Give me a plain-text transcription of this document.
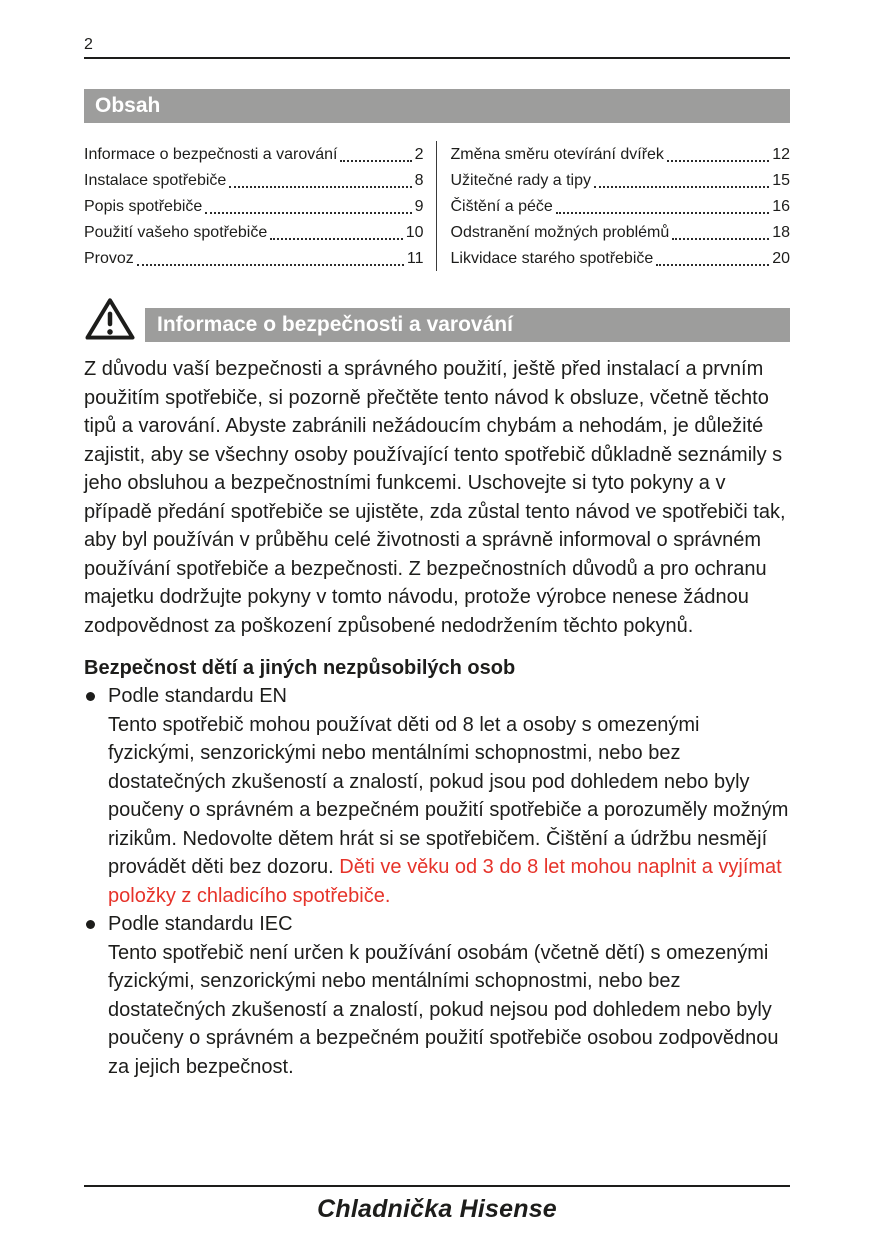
2
Obsah
Informace o bezpečnosti a varování	2
Instalace spotřebiče	8
Popis spotřebiče	9
Použití vašeho spotřebiče	10
Provoz	11
Změna směru otevírání dvířek	12
Užitečné rady a tipy	15
Čištění a péče	16
Odstranění možných problémů	18
Likvidace starého spotřebiče	20
Informace o bezpečnosti a varování

Z důvodu vaší bezpečnosti a správného použití, ještě před instalací a prvním použitím spotřebiče, si pozorně přečtěte tento návod k obsluze, včetně těchto tipů a varování. Abyste zabránili nežádoucím chybám a nehodám, je důležité zajistit, aby se všechny osoby používající tento spotřebič důkladně seznámily s jeho obsluhou a bezpečnostními funkcemi. Uschovejte si tyto pokyny a v případě předání spotřebiče se ujistěte, zda zůstal tento návod ve spotřebiči tak, aby byl používán v průběhu celé životnosti a správně informoval o správném používání spotřebiče a bezpečnosti. Z bezpečnostních důvodů a pro ochranu majetku dodržujte pokyny v tomto návodu, protože výrobce nenese žádnou zodpovědnost za poškození způsobené nedodržením těchto pokynů.

Bezpečnost dětí a jiných nezpůsobilých osob
Podle standardu EN

Tento spotřebič mohou používat děti od 8 let a osoby s omezenými fyzickými, senzorickými nebo mentálními schopnostmi, nebo bez dostatečných zkušeností a znalostí, pokud jsou pod dohledem nebo byly poučeny o správném a bezpečném použití spotřebiče a porozuměly možným rizikům. Nedovolte dětem hrát si se spotřebičem. Čištění a údržbu nesmějí provádět děti bez dozoru. Děti ve věku od 3 do 8 let mohou naplnit a vyjímat položky z chladicího spotřebiče.

Podle standardu IEC

Tento spotřebič není určen k používání osobám (včetně dětí) s omezenými fyzickými, senzorickými nebo mentálními schopnostmi, nebo bez dostatečných zkušeností a znalostí, pokud nejsou pod dohledem nebo byly poučeny o správném a bezpečném použití spotřebiče osobou zodpovědnou za jejich bezpečnost.

Chladnička Hisense
